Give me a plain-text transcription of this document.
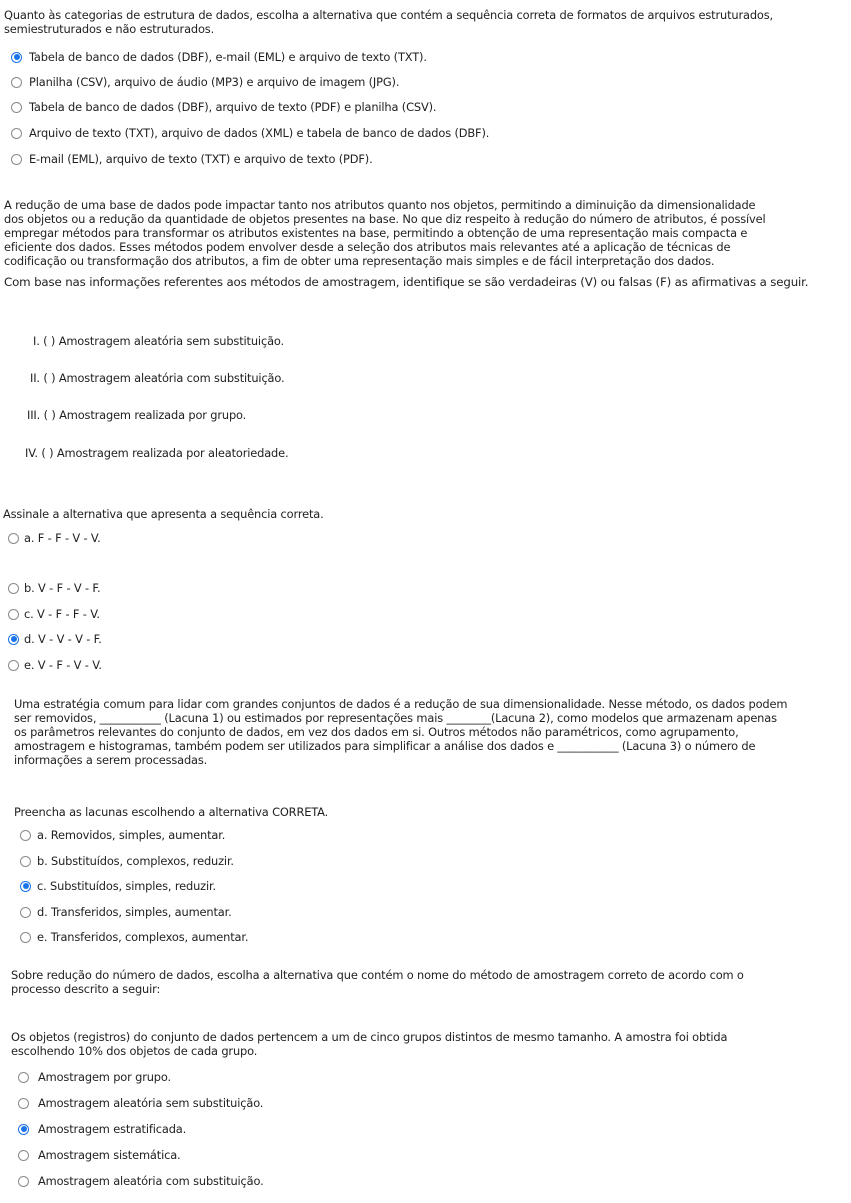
Quanto às categorias de estrutura de dados, escolha a alternativa que contém a sequência correta de formatos de arquivos estruturados,
semiestruturados e não estruturados.
Tabela de banco de dados (DBF), e-mail (EML) e arquivo de texto (TXT).
Planilha (CSV), arquivo de áudio (MP3) e arquivo de imagem (JPG).
Tabela de banco de dados (DBF), arquivo de texto (PDF) e planilha (CSV).
Arquivo de texto (TXT), arquivo de dados (XML) e tabela de banco de dados (DBF).
E-mail (EML), arquivo de texto (TXT) e arquivo de texto (PDF).
A redução de uma base de dados pode impactar tanto nos atributos quanto nos objetos, permitindo a diminuição da dimensionalidade
dos objetos ou a redução da quantidade de objetos presentes na base. No que diz respeito à redução do número de atributos, é possível
empregar métodos para transformar os atributos existentes na base, permitindo a obtenção de uma representação mais compacta e
eficiente dos dados. Esses métodos podem envolver desde a seleção dos atributos mais relevantes até a aplicação de técnicas de
codificação ou transformação dos atributos, a fim de obter uma representação mais simples e de fácil interpretação dos dados.
Com base nas informações referentes aos métodos de amostragem, identifique se são verdadeiras (V) ou falsas (F) as afirmativas a seguir.
I. ( ) Amostragem aleatória sem substituição.
II. ( ) Amostragem aleatória com substituição.
III. ( ) Amostragem realizada por grupo.
IV. ( ) Amostragem realizada por aleatoriedade.
Assinale a alternativa que apresenta a sequência correta.
a. F - F - V - V.
b. V - F - V - F.
c. V - F - F - V.
d. V - V - V - F.
e. V - F - V - V.
Uma estratégia comum para lidar com grandes conjuntos de dados é a redução de sua dimensionalidade. Nesse método, os dados podem
ser removidos, ___________ (Lacuna 1) ou estimados por representações mais ________(Lacuna 2), como modelos que armazenam apenas
os parâmetros relevantes do conjunto de dados, em vez dos dados em si. Outros métodos não paramétricos, como agrupamento,
amostragem e histogramas, também podem ser utilizados para simplificar a análise dos dados e ___________ (Lacuna 3) o número de
informações a serem processadas.
Preencha as lacunas escolhendo a alternativa CORRETA.
a. Removidos, simples, aumentar.
b. Substituídos, complexos, reduzir.
c. Substituídos, simples, reduzir.
d. Transferidos, simples, aumentar.
e. Transferidos, complexos, aumentar.
Sobre redução do número de dados, escolha a alternativa que contém o nome do método de amostragem correto de acordo com o
processo descrito a seguir:
Os objetos (registros) do conjunto de dados pertencem a um de cinco grupos distintos de mesmo tamanho. A amostra foi obtida
escolhendo 10% dos objetos de cada grupo.
Amostragem por grupo.
Amostragem aleatória sem substituição.
Amostragem estratificada.
Amostragem sistemática.
Amostragem aleatória com substituição.
